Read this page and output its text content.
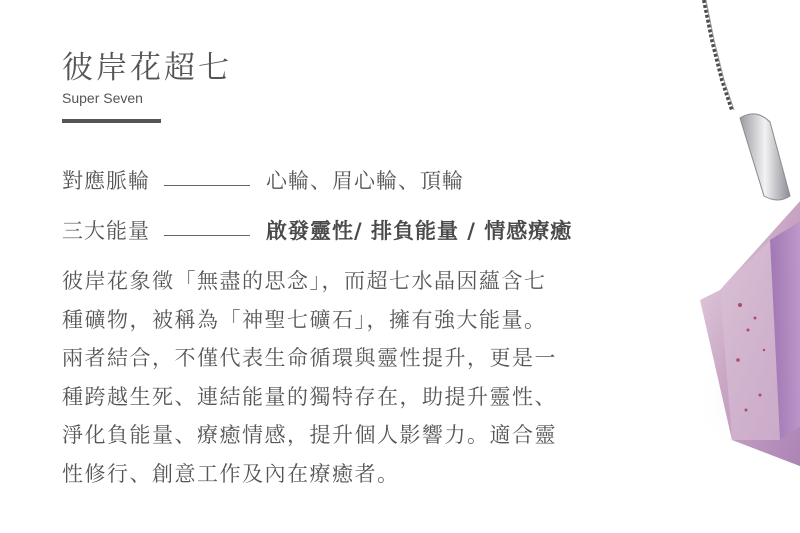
彼岸花超七
Super Seven
對應脈輪	心輪、眉心輪、頂輪
三大能量	啟發靈性/ 排負能量 / 情感療癒
彼岸花象徵「無盡的思念」，而超七水晶因蘊含七
種礦物，被稱為「神聖七礦石」，擁有強大能量。
兩者結合，不僅代表生命循環與靈性提升，更是一
種跨越生死、連結能量的獨特存在，助提升靈性、
淨化負能量、療癒情感，提升個人影響力。適合靈
性修行、創意工作及內在療癒者。
